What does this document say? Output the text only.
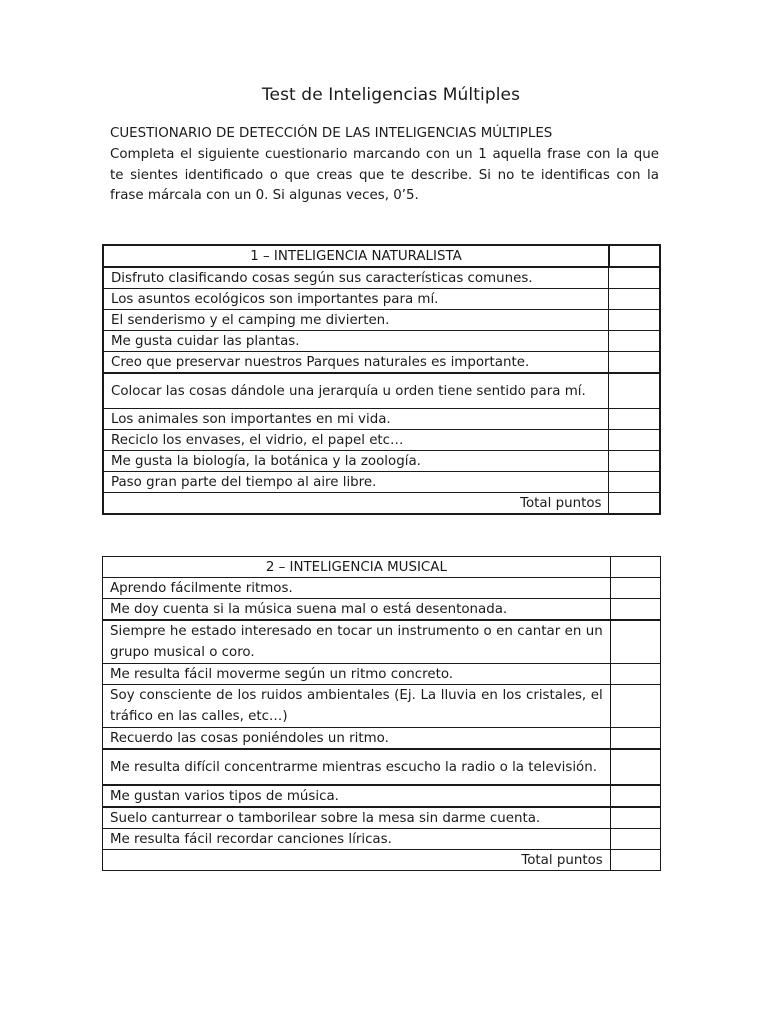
Test de Inteligencias Múltiples
CUESTIONARIO DE DETECCIÓN DE LAS INTELIGENCIAS MÚLTIPLES
Completa el siguiente cuestionario marcando con un 1 aquella frase con la que te sientes identificado o que creas que te describe. Si no te identificas con la frase márcala con un 0. Si algunas veces, 0’5.
1 – INTELIGENCIA NATURALISTA	
Disfruto clasificando cosas según sus características comunes.	
Los asuntos ecológicos son importantes para mí.	
El senderismo y el camping me divierten.	
Me gusta cuidar las plantas.	
Creo que preservar nuestros Parques naturales es importante.	
Colocar las cosas dándole una jerarquía u orden tiene sentido para mí.	
Los animales son importantes en mi vida.	
Reciclo los envases, el vidrio, el papel etc…	
Me gusta la biología, la botánica y la zoología.	
Paso gran parte del tiempo al aire libre.	
Total puntos	
2 – INTELIGENCIA MUSICAL	
Aprendo fácilmente ritmos.	
Me doy cuenta si la música suena mal o está desentonada.	
Siempre he estado interesado en tocar un instrumento o en cantar en un grupo musical o coro.	
Me resulta fácil moverme según un ritmo concreto.	
Soy consciente de los ruidos ambientales (Ej. La lluvia en los cristales, el tráfico en las calles, etc…)	
Recuerdo las cosas poniéndoles un ritmo.	
Me resulta difícil concentrarme mientras escucho la radio o la televisión.	
Me gustan varios tipos de música.	
Suelo canturrear o tamborilear sobre la mesa sin darme cuenta.	
Me resulta fácil recordar canciones líricas.	
Total puntos	
